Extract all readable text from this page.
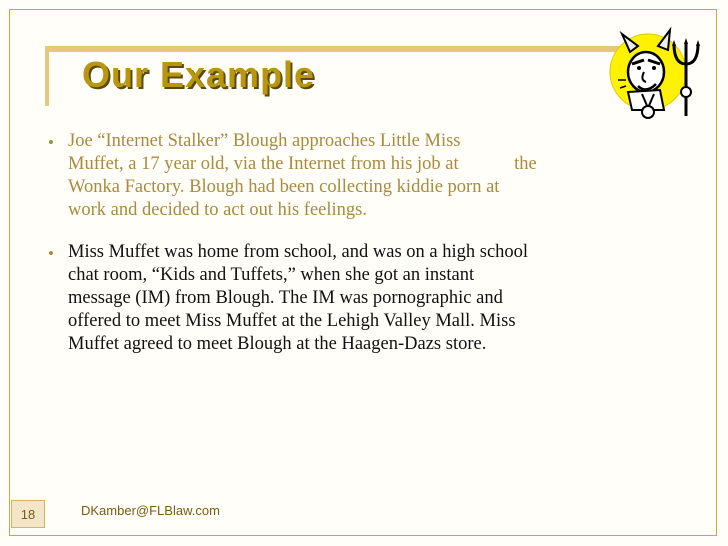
Our Example
• Joe “Internet Stalker” Blough approaches Little Miss
Muffet, a 17 year old, via the Internet from his job at            the
Wonka Factory. Blough had been collecting kiddie porn at
work and decided to act out his feelings.
• Miss Muffet was home from school, and was on a high school
chat room, “Kids and Tuffets,” when she got an instant
message (IM) from Blough. The IM was pornographic and
offered to meet Miss Muffet at the Lehigh Valley Mall. Miss
Muffet agreed to meet Blough at the Haagen-Dazs store.
18	DKamber@FLBlaw.com
